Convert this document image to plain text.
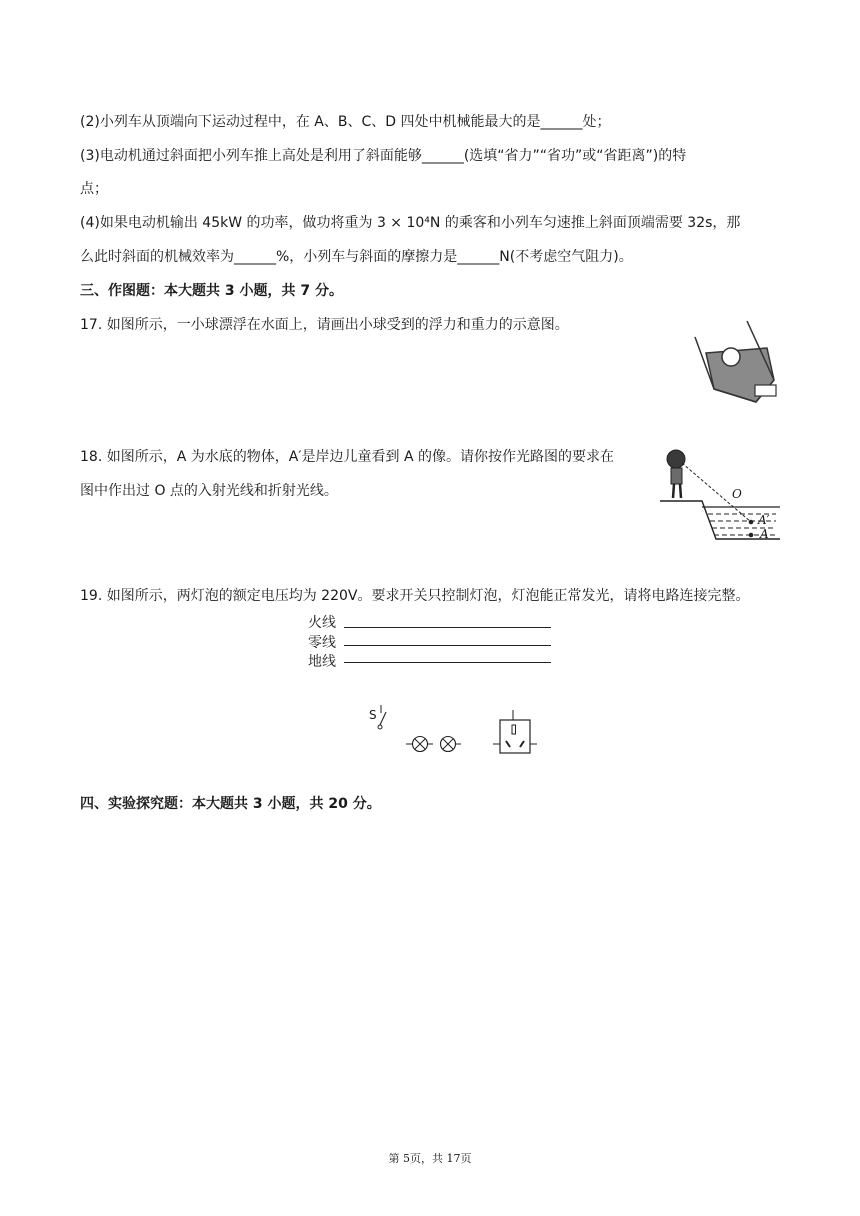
(2)小列车从顶端向下运动过程中，在 A、B、C、D 四处中机械能最大的是______处；
(3)电动机通过斜面把小列车推上高处是利用了斜面能够______(选填“省力”“省功”或“省距离”)的特
点；
(4)如果电动机输出 45kW 的功率，做功将重为 3 × 10⁴N 的乘客和小列车匀速推上斜面顶端需要 32s，那
么此时斜面的机械效率为______%，小列车与斜面的摩擦力是______N(不考虑空气阻力)。
三、作图题：本大题共 3 小题，共 7 分。
17. 如图所示，一小球漂浮在水面上，请画出小球受到的浮力和重力的示意图。
18. 如图所示，A 为水底的物体，A′是岸边儿童看到 A 的像。请你按作光路图的要求在
图中作出过 O 点的入射光线和折射光线。
19. 如图所示，两灯泡的额定电压均为 220V。要求开关只控制灯泡，灯泡能正常发光，请将电路连接完整。
四、实验探究题：本大题共 3 小题，共 20 分。
O
A′
A
火线
零线
地线
S
第 5页，共 17页
